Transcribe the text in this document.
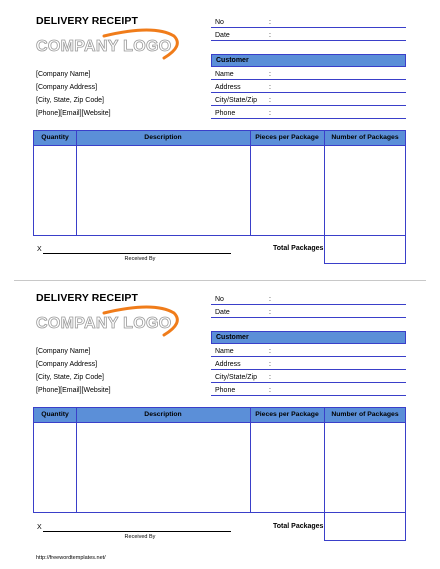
DELIVERY RECEIPT
COMPANY LOGO
[Company Name]
[Company Address]
[City, State, Zip Code]
[Phone][Email][Website]
No	:
Date	:
Customer
Name	:
Address	:
City/State/Zip :
Phone	:
Quantity	Description	Pieces per Package	Number of Packages
X
Received By
Total Packages
DELIVERY RECEIPT
COMPANY LOGO
[Company Name]
[Company Address]
[City, State, Zip Code]
[Phone][Email][Website]
No	:
Date	:
Customer
Name	:
Address	:
City/State/Zip :
Phone	:
Quantity	Description	Pieces per Package	Number of Packages
X
Received By
Total Packages
http://freewordtemplates.net/
